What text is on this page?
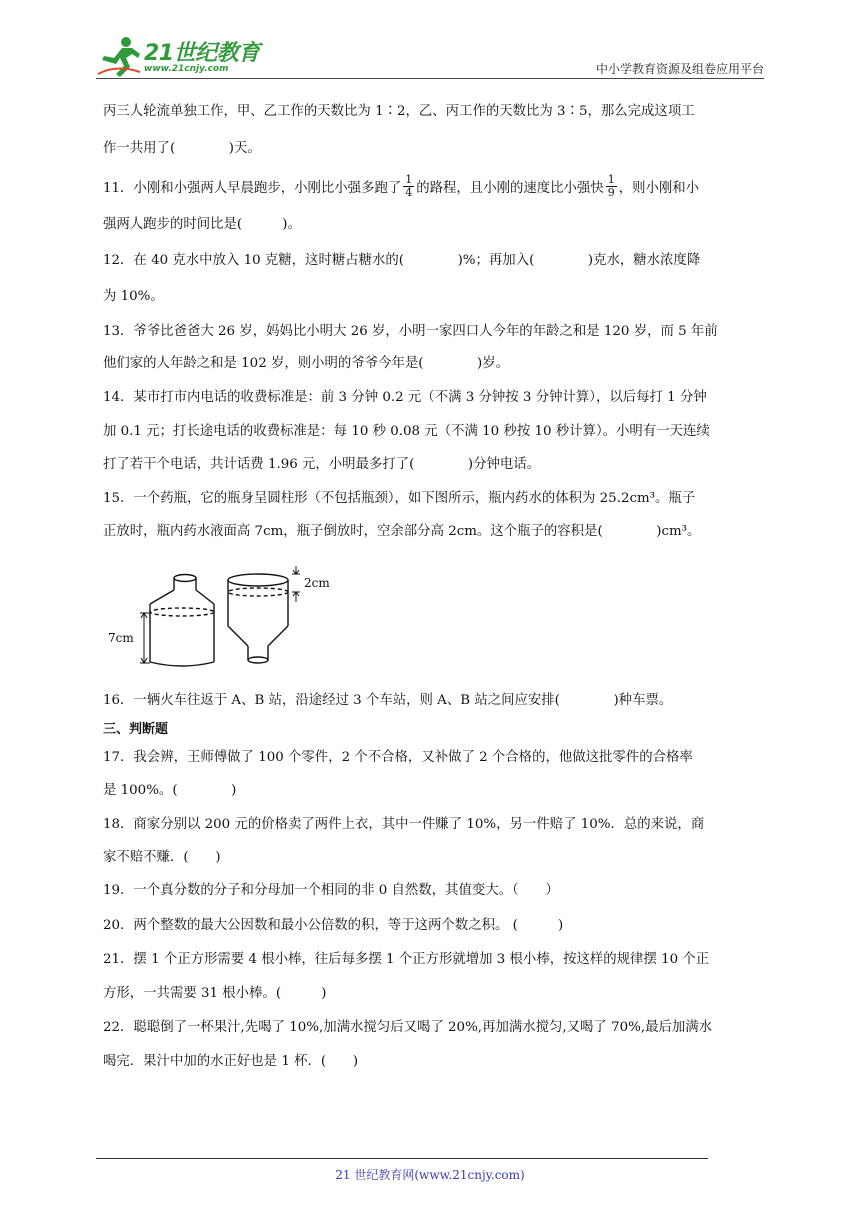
21世纪教育
www.21cnjy.com	中小学教育资源及组卷应用平台
丙三人轮流单独工作，甲、乙工作的天数比为 1∶2，乙、丙工作的天数比为 3∶5，那么完成这项工
作一共用了(　　　　)天。
11．小刚和小强两人早晨跑步，小刚比小强多跑了 $\frac{1}{4}$ 的路程，且小刚的速度比小强快 $\frac{1}{9}$ ，则小刚和小
强两人跑步的时间比是(　　　)。
12．在 40 克水中放入 10 克糖，这时糖占糖水的(　　　　)%；再加入(　　　　)克水，糖水浓度降
为 10%。
13．爷爷比爸爸大 26 岁，妈妈比小明大 26 岁，小明一家四口人今年的年龄之和是 120 岁，而 5 年前
他们家的人年龄之和是 102 岁，则小明的爷爷今年是(　　　　)岁。
14．某市打市内电话的收费标准是：前 3 分钟 0.2 元（不满 3 分钟按 3 分钟计算），以后每打 1 分钟
加 0.1 元；打长途电话的收费标准是：每 10 秒 0.08 元（不满 10 秒按 10 秒计算）。小明有一天连续
打了若干个电话，共计话费 1.96 元，小明最多打了(　　　　)分钟电话。
15．一个药瓶，它的瓶身呈圆柱形（不包括瓶颈），如下图所示，瓶内药水的体积为 25.2cm³。瓶子
正放时，瓶内药水液面高 7cm，瓶子倒放时，空余部分高 2cm。这个瓶子的容积是(　　　　)cm³。
16．一辆火车往返于 A、B 站，沿途经过 3 个车站，则 A、B 站之间应安排(　　　　)种车票。
三、判断题
17．我会辨，王师傅做了 100 个零件，2 个不合格，又补做了 2 个合格的，他做这批零件的合格率
是 100%。(　　　　)
18．商家分别以 200 元的价格卖了两件上衣，其中一件赚了 10%，另一件赔了 10%．总的来说，商
家不赔不赚．(　　)
19．一个真分数的分子和分母加一个相同的非 0 自然数，其值变大。（　　）
20．两个整数的最大公因数和最小公倍数的积，等于这两个数之积。 (　　　)
21．摆 1 个正方形需要 4 根小棒，往后每多摆 1 个正方形就增加 3 根小棒，按这样的规律摆 10 个正
方形，一共需要 31 根小棒。(　　　)
22．聪聪倒了一杯果汁,先喝了 10%,加满水搅匀后又喝了 20%,再加满水搅匀,又喝了 70%,最后加满水
喝完．果汁中加的水正好也是 1 杯．(　　)
7cm
2cm
21 世纪教育网(www.21cnjy.com)
